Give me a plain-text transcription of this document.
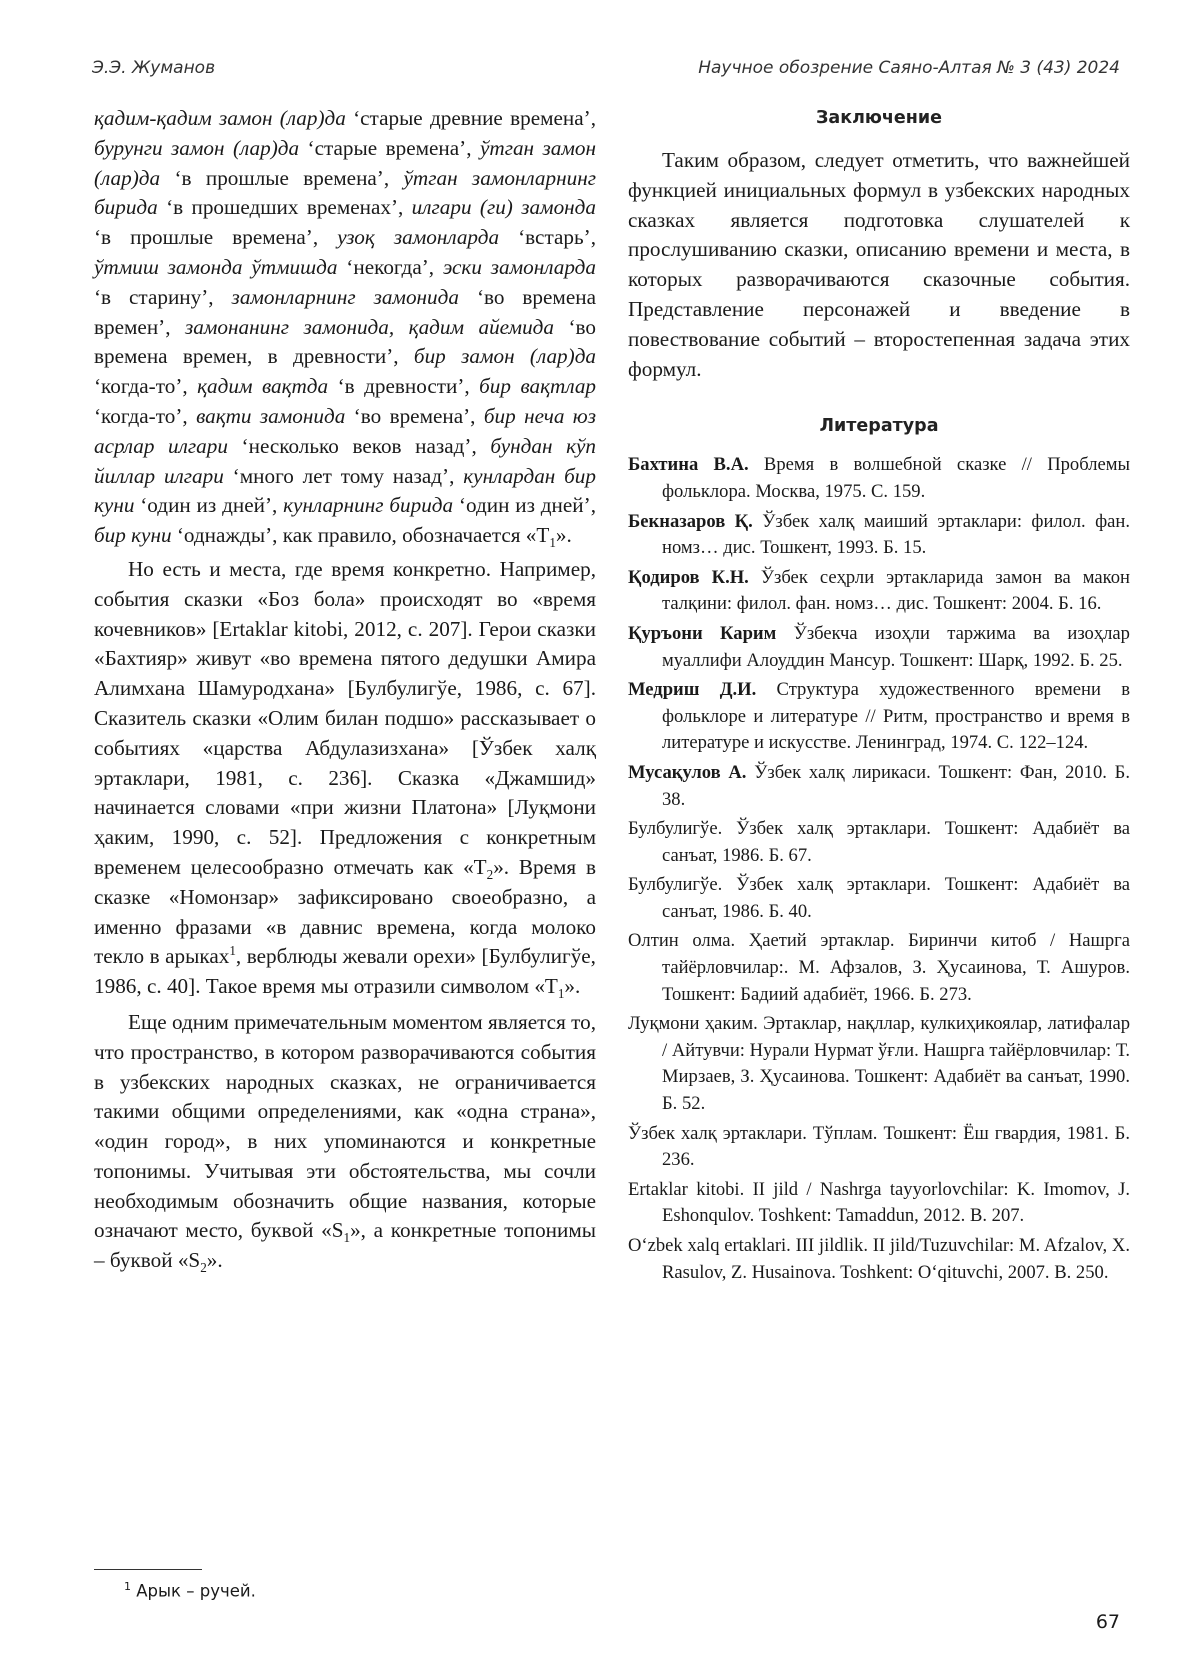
Э.Э. Жуманов	Научное обозрение Саяно-Алтая № 3 (43) 2024

қадим-қадим замон (лар)да ‘старые древние времена’, бурунги замон (лар)да ‘старые времена’, ўтган замон (лар)да ‘в прошлые времена’, ўтган замонларнинг бирида ‘в прошедших временах’, илгари (ги) замонда ‘в прошлые времена’, узоқ замонларда ‘встарь’, ўтмиш замонда ўтмишда ‘некогда’, эски замонларда ‘в старину’, замонларнинг замонида ‘во времена времен’, замонанинг замонида, қадим айемида ‘во времена времен, в древности’, бир замон (лар)да ‘когда-то’, қадим вақтда ‘в древности’, бир вақтлар ‘когда-то’, вақти замонида ‘во времена’, бир неча юз асрлар илгари ‘несколько веков назад’, бундан кўп йиллар илгари ‘много лет тому назад’, кунлардан бир куни ‘один из дней’, кунларнинг бирида ‘один из дней’, бир куни ‘однажды’, как правило, обозначается «$T_1$».

Но есть и места, где время конкретно. Например, события сказки «Боз бола» происходят во «время кочевников» [Ertaklar kitobi, 2012, с. 207]. Герои сказки «Бахтияр» живут «во времена пятого дедушки Амира Алимхана Шамуродхана» [Булбулигўе, 1986, с. 67]. Сказитель сказки «Олим билан подшо» рассказывает о событиях «царства Абдулазизхана» [Ўзбек халқ эртаклари, 1981, с. 236]. Сказка «Джамшид» начинается словами «при жизни Платона» [Луқмони ҳаким, 1990, с. 52]. Предложения с конкретным временем целесообразно отмечать как «$T_2$». Время в сказке «Номонзар» зафиксировано своеобразно, а именно фразами «в давнис времена, когда молоко текло в арыках$^1$, верблюды жевали орехи» [Булбулигўе, 1986, с. 40]. Такое время мы отразили символом «$T_1$».

Еще одним примечательным моментом является то, что пространство, в котором разворачиваются события в узбекских народных сказках, не ограничивается такими общими определениями, как «одна страна», «один город», в них упоминаются и конкретные топонимы. Учитывая эти обстоятельства, мы сочли необходимым обозначить общие названия, которые означают место, буквой «$S_1$», а конкретные топонимы – буквой «$S_2$».

Заключение

Таким образом, следует отметить, что важнейшей функцией инициальных формул в узбекских народных сказках является подготовка слушателей к прослушиванию сказки, описанию времени и места, в которых разворачиваются сказочные события. Представление персонажей и введение в повествование событий – второстепенная задача этих формул.

Литература

Бахтина В.А. Время в волшебной сказке // Проблемы фольклора. Москва, 1975. С. 159.

Бекназаров Қ. Ўзбек халқ маиший эртаклари: филол. фан. номз… дис. Тошкент, 1993. Б. 15.

Қодиров К.Н. Ўзбек сеҳрли эртакларида замон ва макон талқини: филол. фан. номз… дис. Тошкент: 2004. Б. 16.

Қуръони Карим Ўзбекча изоҳли таржима ва изоҳлар муаллифи Алоуддин Мансур. Тошкент: Шарқ, 1992. Б. 25.

Медриш Д.И. Структура художественного времени в фольклоре и литературе // Ритм, пространство и время в литературе и искусстве. Ленинград, 1974. С. 122–124.

Мусақулов А. Ўзбек халқ лирикаси. Тошкент: Фан, 2010. Б. 38.

Булбулигўе. Ўзбек халқ эртаклари. Тошкент: Адабиёт ва санъат, 1986. Б. 67.

Булбулигўе. Ўзбек халқ эртаклари. Тошкент: Адабиёт ва санъат, 1986. Б. 40.

Олтин олма. Ҳаетий эртаклар. Биринчи китоб / Нашрга тайёрловчилар:. М. Афзалов, З. Ҳусаинова, Т. Ашуров. Тошкент: Бадиий адабиёт, 1966. Б. 273.

Луқмони ҳаким. Эртаклар, нақллар, кулкиҳикоялар, латифалар / Айтувчи: Нурали Нурмат ўғли. Нашрга тайёрловчилар: Т. Мирзаев, З. Ҳусаинова. Тошкент: Адабиёт ва санъат, 1990. Б. 52.

Ўзбек халқ эртаклари. Тўплам. Тошкент: Ёш гвардия, 1981. Б. 236.

Ertaklar kitobi. II jild / Nashrga tayyorlovchilar: K. Imomov, J. Eshonqulov. Toshkent: Tamaddun, 2012. B. 207.

O‘zbek xalq ertaklari. III jildlik. II jild/Tuzuvchilar: M. Afzalov, X. Rasulov, Z. Husainova. Toshkent: O‘qituvchi, 2007. B. 250.

$^1$ Арык – ручей.
67
